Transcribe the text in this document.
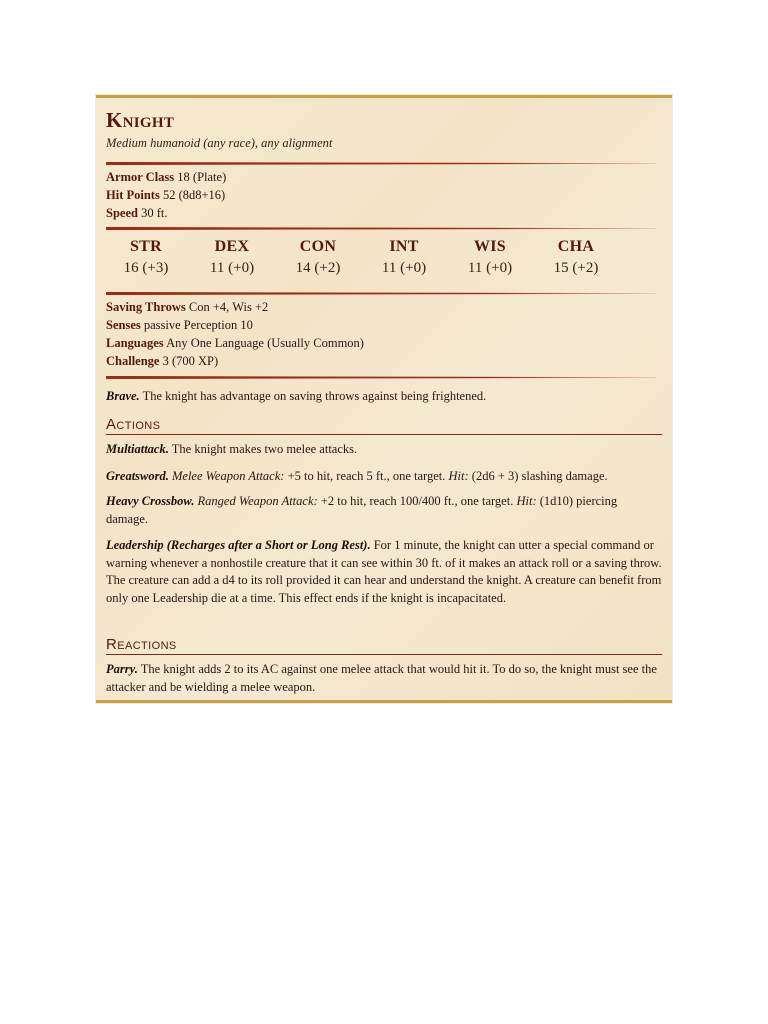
Knight
Medium humanoid (any race), any alignment
Armor Class 18 (Plate)
Hit Points 52 (8d8+16)
Speed 30 ft.
STR
16 (+3)
DEX
11 (+0)
CON
14 (+2)
INT
11 (+0)
WIS
11 (+0)
CHA
15 (+2)
Saving Throws Con +4, Wis +2
Senses passive Perception 10
Languages Any One Language (Usually Common)
Challenge 3 (700 XP)
Brave. The knight has advantage on saving throws against being frightened.
Actions
Multiattack. The knight makes two melee attacks.
Greatsword. Melee Weapon Attack: +5 to hit, reach 5 ft., one target. Hit: (2d6 + 3) slashing damage.
Heavy Crossbow. Ranged Weapon Attack: +2 to hit, reach 100/400 ft., one target. Hit: (1d10) piercing damage.
Leadership (Recharges after a Short or Long Rest). For 1 minute, the knight can utter a special command or warning whenever a nonhostile creature that it can see within 30 ft. of it makes an attack roll or a saving throw. The creature can add a d4 to its roll provided it can hear and understand the knight. A creature can benefit from only one Leadership die at a time. This effect ends if the knight is incapacitated.
Reactions
Parry. The knight adds 2 to its AC against one melee attack that would hit it. To do so, the knight must see the attacker and be wielding a melee weapon.
